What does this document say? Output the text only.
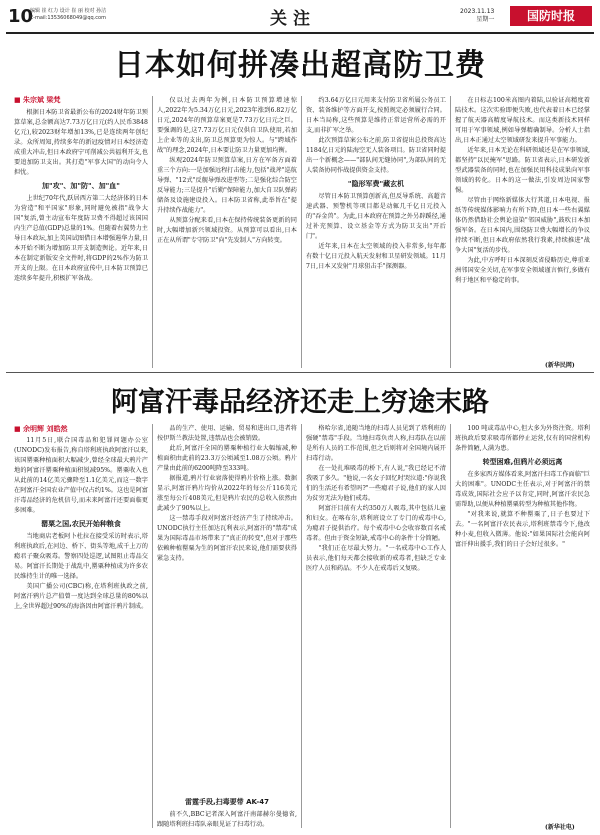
10
编辑 崔 红力 设计 崔 丽 校对 孙洁
E-mail:13536068049@qq.com	关注	2023.11.13
星期一	国防时报
日本如何拼凑出超高防卫费
■ 朱宗斌 梁梵

根据日本防卫省最新公布的2024财年防卫预算草案,总金额高达7.73万亿日元(约人民币3848亿元),较2023财年增加13%,已是连续两年创纪录。众所周知,持续多年的新冠疫情对日本经济造成重大冲击,但日本政府宁可削减公共福利开支,也要追加防卫支出。其打造"军事大国"的动向令人担忧。

加"攻"、加"防"、加"血"

上世纪70年代,跃居西方第二大经济体的日本为营造"和平国家"形象,同时避免被指"战争大国"复活,曾主动宣布年度防卫费不得超过该国国内生产总值(GDP)总量的1%。但随着右翼势力主导日本政坛,加上美国试图借日本增强遏华力量,日本开始不断为增加防卫开支制造舆论。近年来,日本在制定新版安全文件时,将GDP的2%作为防卫开支的上限。在日本政府宣传中,日本防卫预算已连续多年提升,积极扩军备战。

仅以过去两年为例,日本防卫预算增速惊人,2022年为5.34万亿日元,2023年涨到6.82万亿日元,2024年的预算草案更是7.73万亿日元之巨。要强调的是,这7.73万亿日元仅供自卫队使用,若加上企业等的支出,防卫总预算更为惊人。与"跨域作战"的理念,2024年,日本要让防卫力量更加均衡。

纵观2024年防卫预算草案,日方在军备方面着重三个方向:一是加强远程打击能力,包括"战斧"巡航导弹、"12式"反舰导弹改进型等;二是强化综合防空反导能力;三是提升"后勤"保障能力,加大自卫队弹药储备及设施建设投入。日本防卫省称,此举旨在"提升持续作战能力"。

从预算分配来看,日本在保持传统装备更新的同时,大幅增加新兴领域投资。从预算可以看出,日本正在从所谓"专守防卫"向"先发制人"方向转变。

约3.64万亿日元用来支付防卫省所属公务员工资、装备维护等方面开支,按照规定必须履行合同。日本当局称,这些预算是维持正常运营所必需的开支,而非扩军之举。

此次预算草案公布之前,防卫省提出总投资高达1184亿日元的陆海空无人装备项目。防卫省同时提出一个新概念——"部队间无缝协同",为部队间的无人装备协同作战提供资金支持。

"隐形军费"藏玄机

尽管日本防卫预算创新高,但反导系统、高超音速武器、预警机等项目都是动辄几千亿日元投入的"吞金兽"。为此,日本政府在预算之外另辟蹊径,通过补充预算、设立基金等方式为防卫支出"开后门"。

近年来,日本在太空领域的投入非常多,每年都有数十亿日元投入航天发射和卫星研发领域。11月7日,日本又发射"月球狙击手"探测器。

在日标志100米高图内着陆,以验证高精度着陆技术。这次实验即便失败,也代表着日本已经掌握了航天器高精度导航技术。而这类新技术同样可用于军事领域,例如导弹精确制导。分析人士指出,日本正通过太空领域研发来提升军事能力。

近年来,日本无论在科研领域还是在军事领域,都坚持"以民掩军"思路。防卫省表示,日本研发新型武器装备的同时,也在加强民用科技成果向军事领域的转化。日本的这一做法,引发周边国家警惕。

尽管由于网络新媒体大行其道,日本电视、报纸等传统媒体影响力有所下降,但日本一些右翼媒体仍然借助社会舆论渲染"邻国威胁",鼓吹日本加强军备。在日本国内,围绕防卫费大幅增长的争议持续不断,但日本政府依然我行我素,持续推进"战争大国"复活的步伐。

为此,中方呼吁日本深刻反省侵略历史,尊重亚洲邻国安全关切,在军事安全领域谨言慎行,多做有利于地区和平稳定的事。

(新华民网)
阿富汗毒品经济还走上穷途末路
■ 余明辉 刘皓然

11月5日,联合国毒品和犯罪问题办公室(UNODC)发布报告,称自塔利班执政阿富汗以来,该国罂粟种植面积大幅减少,曾经全球最大鸦片产地的阿富汗罂粟种植面积锐减95%。罂粟收入也从此前的14亿美元骤降至1.1亿美元,而这一数字在阿富汗全国农业产值中仅占约1%。这也是阿富汗毒品经济的危机信号,而未来阿富汗还要面临更多困难。

罂粟之国,农民开始种粮食

当地商店老板阿卜杜拉在接受采访时表示,塔利班执政后,在河边、桥下、街头等地,成千上万的瘾君子聚众吸毒。警察四处巡逻,试图阻止毒品交易。阿富汗长期处于战乱中,罂粟种植成为许多农民维持生计的唯一选择。

美国广播公司(CBC)称,在塔利班执政之前,阿富汗鸦片总产值曾一度达到全球总量的80%以上,全世界超过90%的海洛因由阿富汗鸦片制成。

品的生产、使用、运输、贸易和进出口,违者将按伊斯兰教法处置,违禁品也会被销毁。

此后,阿富汗全国的罂粟种植行业大幅缩减,种植面积由此前的23.3万公顷减至1.08万公顷。鸦片产量由此前的6200吨降至333吨。

据报道,鸦片行业衰落使得鸦片价格上涨。数据显示,阿富汗鸦片均价从2022年的每公斤116美元涨至每公斤408美元,但是鸦片农民的总收入依然由此减少了90%以上。

这一禁毒手段对阿富汗经济产生了持续冲击。UNODC执行主任加达瓦利表示,阿富汗的"禁毒"成果为国际毒品市场带来了"真正的转变",但对于那些依赖种植罂粟为生的阿富汗农民来说,他们需要获得紧急支持。

雷霆手段,扫毒要带 AK-47

前不久,BBC记者深入阿富汗南部赫尔曼德省,跟随塔利班扫毒队亲眼见证了扫毒行动。

格哈尔省,追随当地的扫毒人员见到了塔利班的强硬"禁毒"手段。当地扫毒负责人称,扫毒队在以前是所有人员的工作范围,但之后则将对全国境内展开扫毒行动。

在一处扎堆吸毒的桥下,有人说,"我已经记不清我吸了多久。"他说,一名女子回忆时哭泣道:"你说我们的生活还有希望吗?"一些瘾君子说,他们的家人因为贫穷无法为他们戒毒。

阿富汗目前有大约350万人吸毒,其中包括儿童和妇女。在喀布尔,塔利班设立了专门的戒毒中心,为瘾君子提供治疗。每个戒毒中心会收容数百名戒毒者。但由于资金短缺,戒毒中心的条件十分简陋。

"我们正在尽最大努力。"一名戒毒中心工作人员表示,他们每天都会接收新的戒毒者,但缺乏专业医疗人员和药品。不少人在戒毒后又复吸。

100 吨或毒品中心,但大多为外资注资。塔利班执政后要求吸毒所都停止运营,仅有的国营机构条件简陋,人满为患。

转型困难,但鸦片必须远离

在多家西方媒体看来,阿富汗扫毒工作面临"巨大的困难"。UNODC主任表示,对于阿富汗的禁毒成效,国际社会应予以肯定,同时,阿富汗农民急需帮助,以便从种植罂粟转型为种植其他作物。

"对我来说,就算不种罂粟了,日子也要过下去。"一名阿富汗农民表示,塔利班禁毒令下,他改种小麦,但收入微薄。他说:"如果国际社会能向阿富汗伸出援手,我们的日子会好过很多。"

(新华社电)
